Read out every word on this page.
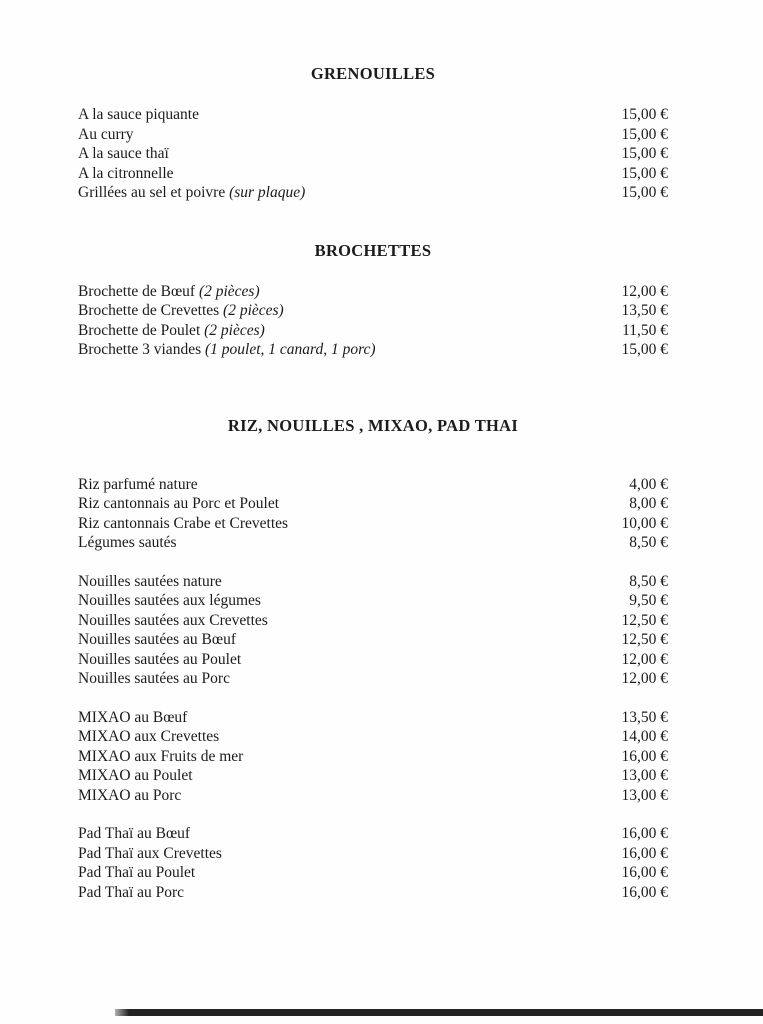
GRENOUILLES
A la sauce piquante	15,00 €
Au curry	15,00 €
A la sauce thaï	15,00 €
A la citronnelle	15,00 €
Grillées au sel et poivre (sur plaque)	15,00 €
BROCHETTES
Brochette de Bœuf (2 pièces)	12,00 €
Brochette de Crevettes (2 pièces)	13,50 €
Brochette de Poulet (2 pièces)	11,50 €
Brochette 3 viandes (1 poulet, 1 canard, 1 porc)	15,00 €
RIZ, NOUILLES , MIXAO, PAD THAI
Riz parfumé nature	4,00 €
Riz cantonnais au Porc et Poulet	8,00 €
Riz cantonnais Crabe et Crevettes	10,00 €
Légumes sautés	8,50 €
Nouilles sautées nature	8,50 €
Nouilles sautées aux légumes	9,50 €
Nouilles sautées aux Crevettes	12,50 €
Nouilles sautées au Bœuf	12,50 €
Nouilles sautées au Poulet	12,00 €
Nouilles sautées au Porc	12,00 €
MIXAO au Bœuf	13,50 €
MIXAO aux Crevettes	14,00 €
MIXAO aux Fruits de mer	16,00 €
MIXAO au Poulet	13,00 €
MIXAO au Porc	13,00 €
Pad Thaï au Bœuf	16,00 €
Pad Thaï aux Crevettes	16,00 €
Pad Thaï au Poulet	16,00 €
Pad Thaï au Porc	16,00 €
